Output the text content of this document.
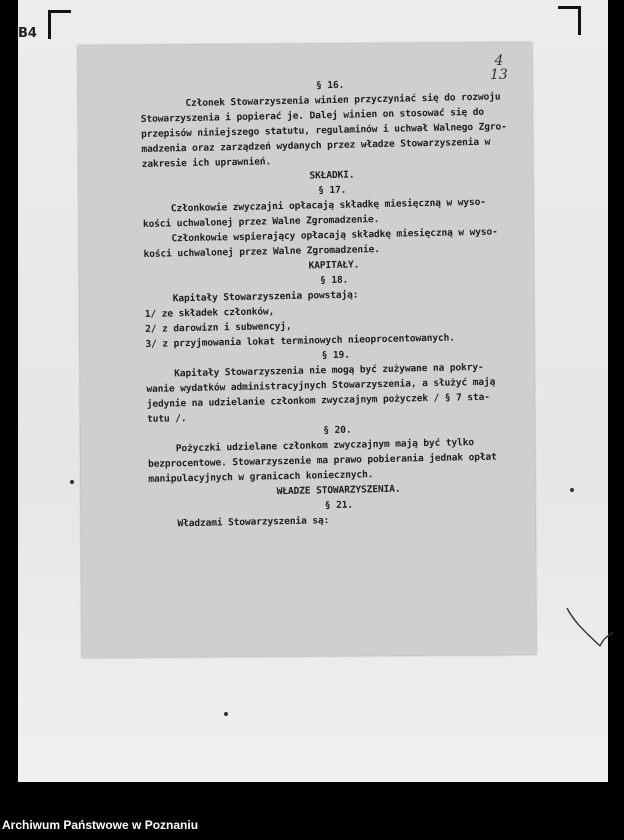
B4
4
13
§ 16.
Członek Stowarzyszenia winien przyczyniać się do rozwoju
Stowarzyszenia i popierać je. Dalej winien on stosować się do
przepisów niniejszego statutu, regulaminów i uchwał Walnego Zgro-
madzenia oraz zarządzeń wydanych przez władze Stowarzyszenia w
zakresie ich uprawnień.
SKŁADKI.
§ 17.
Członkowie zwyczajni opłacają składkę miesięczną w wyso-
kości uchwalonej przez Walne Zgromadzenie.
Członkowie wspierający opłacają składkę miesięczną w wyso-
kości uchwalonej przez Walne Zgromadzenie.
KAPITAŁY.
§ 18.
Kapitały Stowarzyszenia powstają:
1/ ze składek członków,
2/ z darowizn i subwencyj,
3/ z przyjmowania lokat terminowych nieoprocentowanych.
§ 19.
Kapitały Stowarzyszenia nie mogą być zużywane na pokry-
wanie wydatków administracyjnych Stowarzyszenia, a służyć mają
jedynie na udzielanie członkom zwyczajnym pożyczek / § 7 sta-
tutu /.
§ 20.
Pożyczki udzielane członkom zwyczajnym mają być tylko
bezprocentowe. Stowarzyszenie ma prawo pobierania jednak opłat
manipulacyjnych w granicach koniecznych.
WŁADZE STOWARZYSZENIA.
§ 21.
Władzami Stowarzyszenia są:
Archiwum Państwowe w Poznaniu
